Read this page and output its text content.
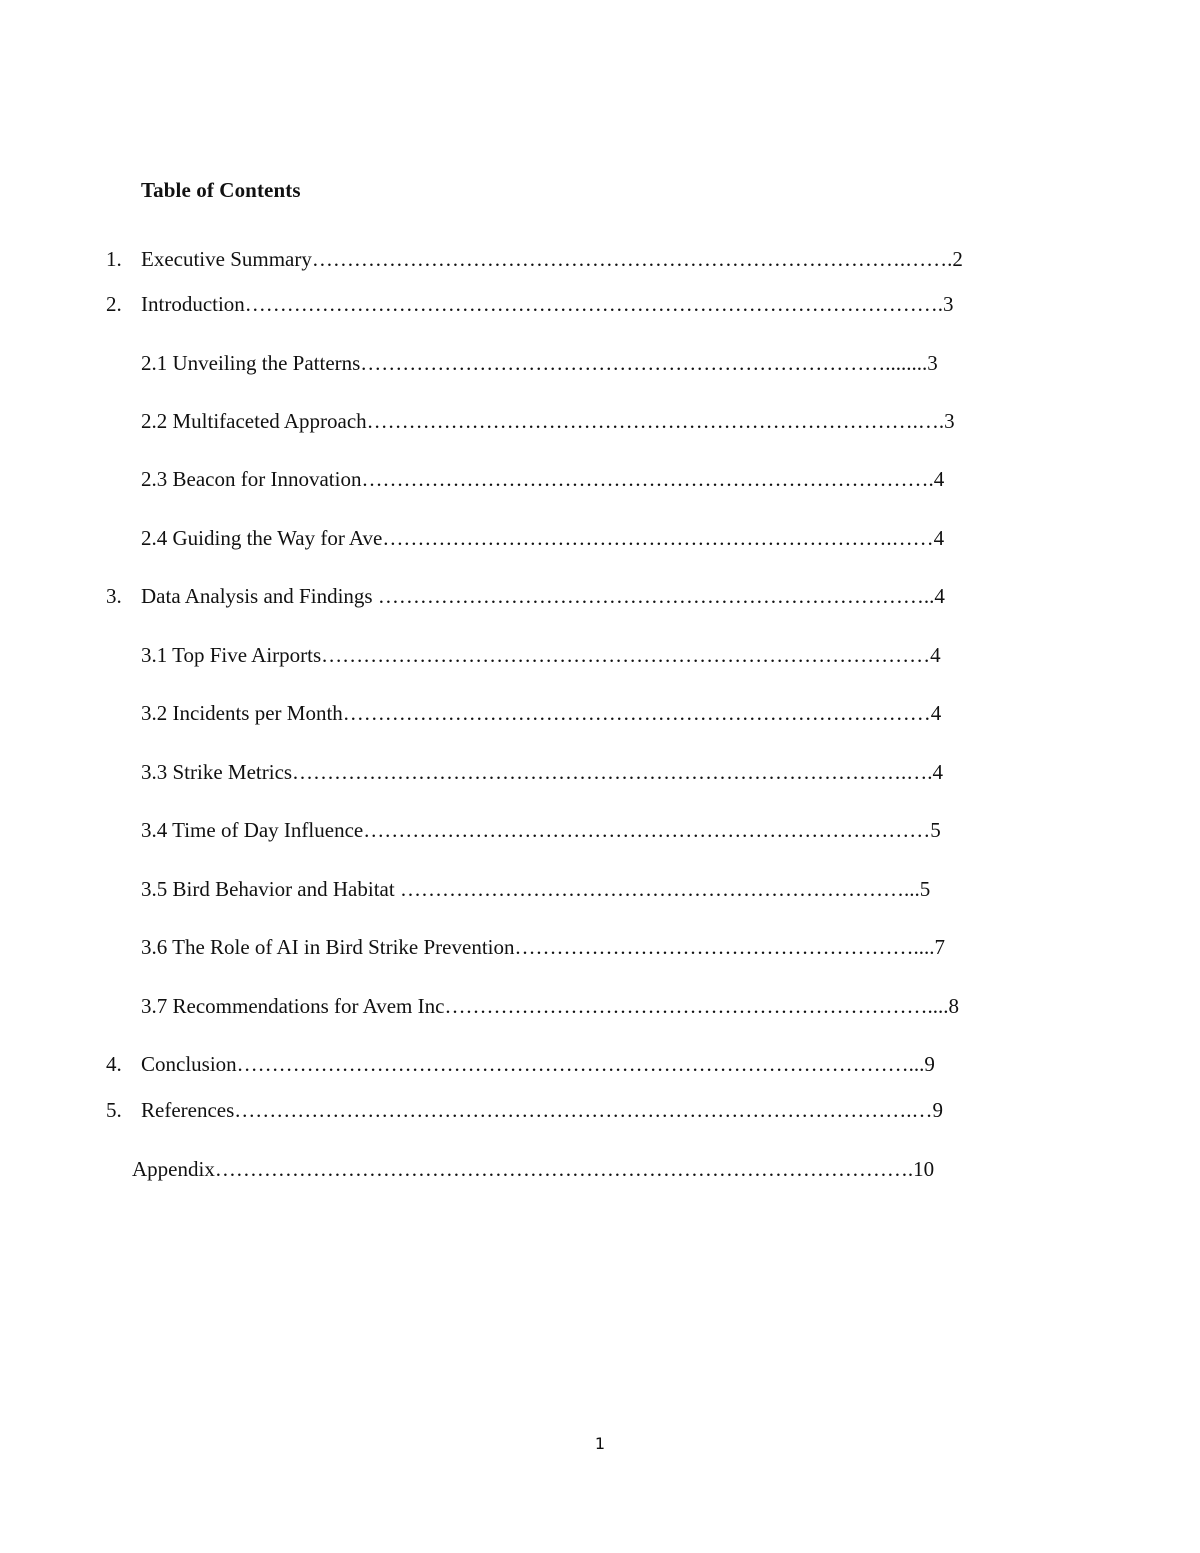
Table of Contents
1. Executive Summary………………………………………………………………………….…….2
2. Introduction……………………………………………………………………………………….3
2.1 Unveiling the Patterns…………………………………………………………………........3
2.2 Multifaceted Approach…………………………………………………………………….….3
2.3 Beacon for Innovation……………………………………………………………………….4
2.4 Guiding the Way for Ave……………………………………………………………….……4
3. Data Analysis and Findings ……………………………………………………………………..4
3.1 Top Five Airports……………………………………………………………………………4
3.2 Incidents per Month…………………………………………………………………………4
3.3 Strike Metrics…………………………………………………………………………….….4
3.4 Time of Day Influence………………………………………………………………………5
3.5 Bird Behavior and Habitat ………………………………………………………………...5
3.6 The Role of AI in Bird Strike Prevention…………………………………………………....7
3.7 Recommendations for Avem Inc……………………………………………………………....8
4. Conclusion……………………………………………………………………………………...9
5. References…………………………………………………………………………………….…9
Appendix……………………………………………………………………………………….10
1
